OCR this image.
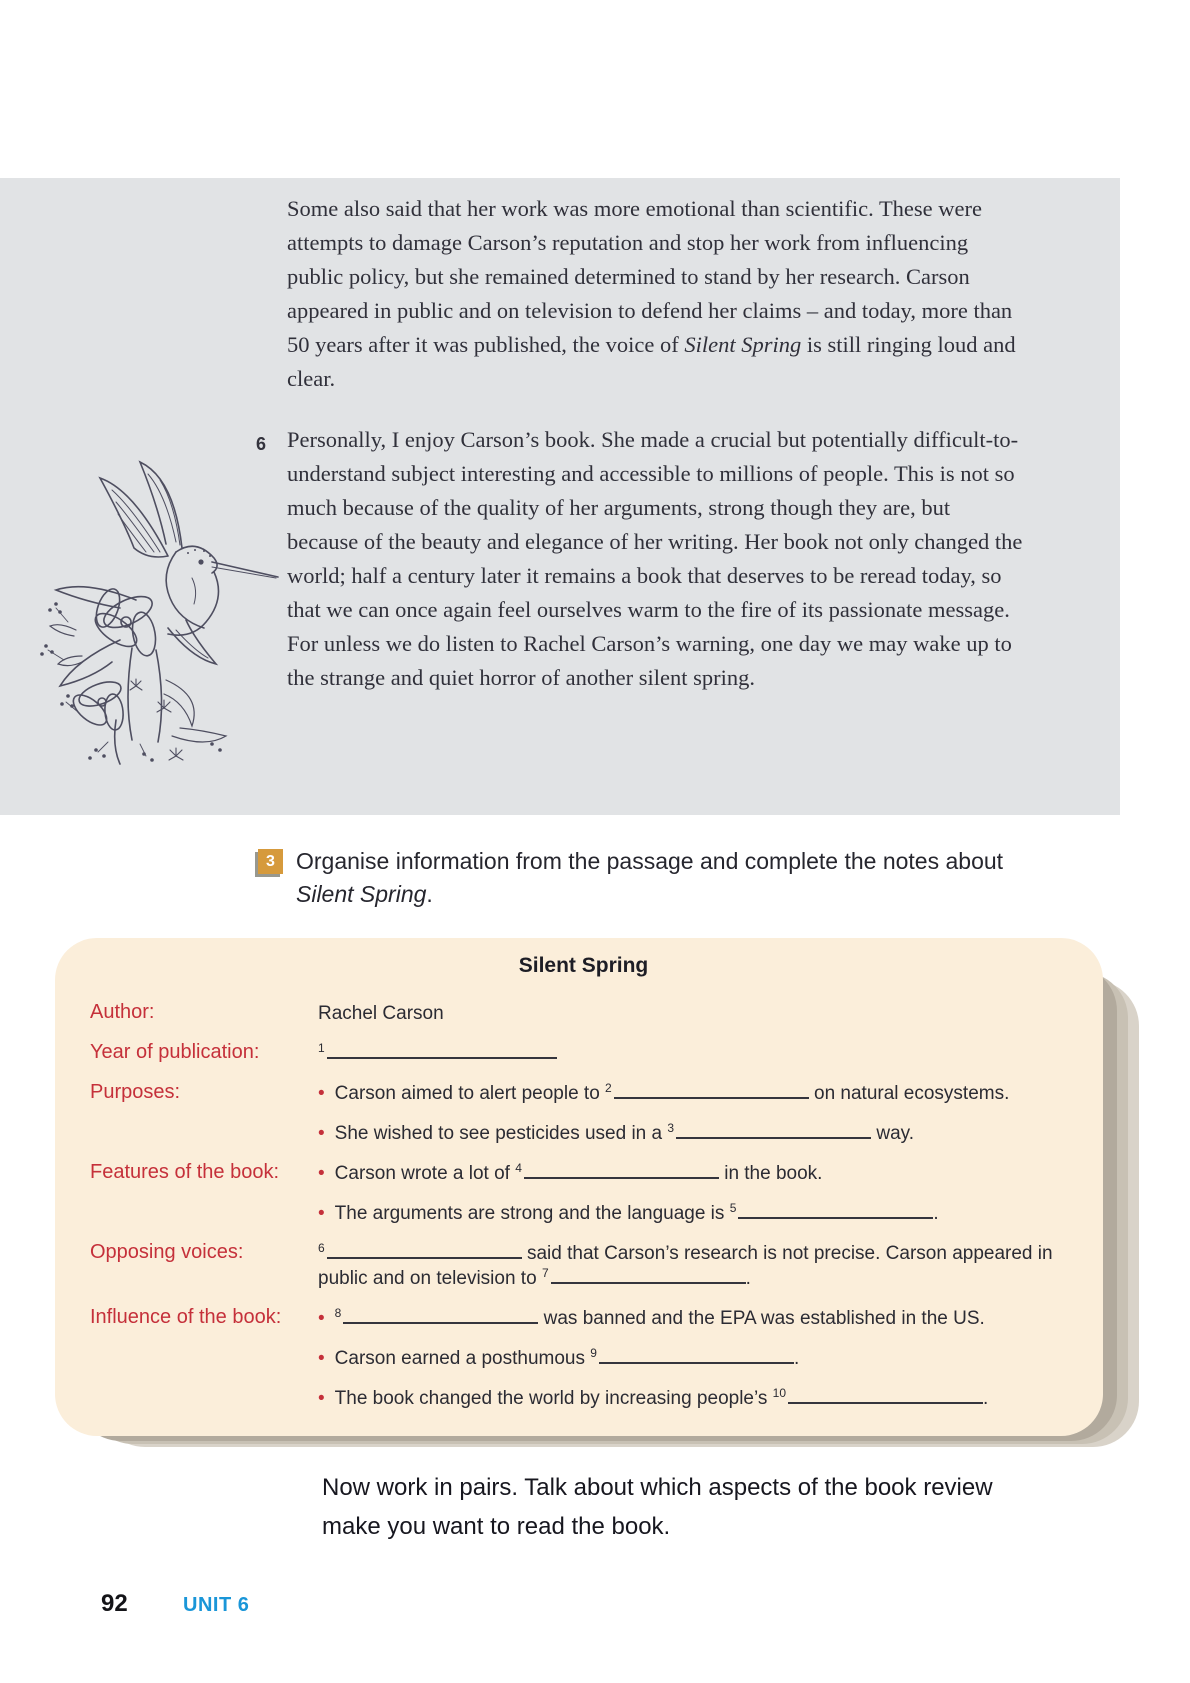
Some also said that her work was more emotional than scientific. These were attempts to damage Carson’s reputation and stop her work from influencing public policy, but she remained determined to stand by her research. Carson appeared in public and on television to defend her claims – and today, more than 50 years after it was published, the voice of Silent Spring is still ringing loud and clear.

6 Personally, I enjoy Carson’s book. She made a crucial but potentially difficult-to-understand subject interesting and accessible to millions of people. This is not so much because of the quality of her arguments, strong though they are, but because of the beauty and elegance of her writing. Her book not only changed the world; half a century later it remains a book that deserves to be reread today, so that we can once again feel ourselves warm to the fire of its passionate message. For unless we do listen to Rachel Carson’s warning, one day we may wake up to the strange and quiet horror of another silent spring.

3 Organise information from the passage and complete the notes about Silent Spring.
Silent Spring
Author:	Rachel Carson
Year of publication:	$^1$
Purposes:	• Carson aimed to alert people to $^2$	on natural ecosystems.
• She wished to see pesticides used in a $^3$	way.
Features of the book:	• Carson wrote a lot of $^4$	in the book.
• The arguments are strong and the language is $^5$	.
Opposing voices:	$^6$	said that Carson’s research is not precise. Carson appeared in public and on television to $^7$	.
Influence of the book:	• $^8$	was banned and the EPA was established in the US.
• Carson earned a posthumous $^9$	.
• The book changed the world by increasing people’s $^{10}$	.
Now work in pairs. Talk about which aspects of the book review make you want to read the book.
92	UNIT 6
